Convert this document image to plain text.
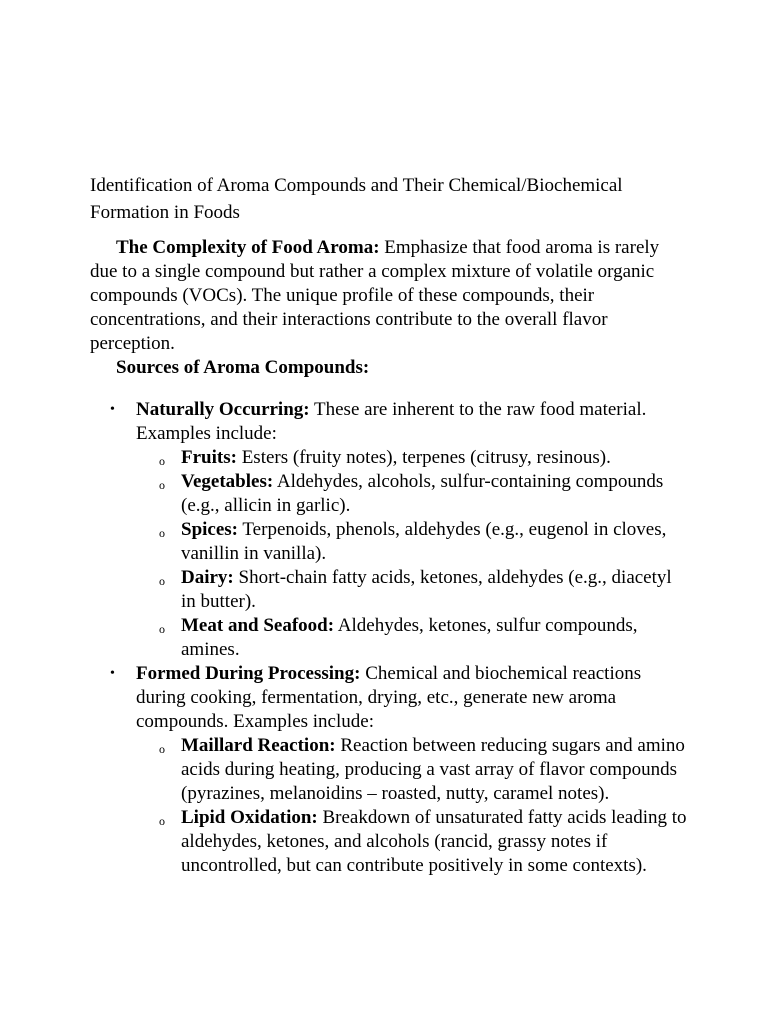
Identification of Aroma Compounds and Their Chemical/Biochemical Formation in Foods

The Complexity of Food Aroma: Emphasize that food aroma is rarely due to a single compound but rather a complex mixture of volatile organic compounds (VOCs). The unique profile of these compounds, their concentrations, and their interactions contribute to the overall flavor perception.

Sources of Aroma Compounds:

• Naturally Occurring: These are inherent to the raw food material. Examples include:
o Fruits: Esters (fruity notes), terpenes (citrusy, resinous).
o Vegetables: Aldehydes, alcohols, sulfur-containing compounds (e.g., allicin in garlic).
o Spices: Terpenoids, phenols, aldehydes (e.g., eugenol in cloves, vanillin in vanilla).
o Dairy: Short-chain fatty acids, ketones, aldehydes (e.g., diacetyl in butter).
o Meat and Seafood: Aldehydes, ketones, sulfur compounds, amines.
• Formed During Processing: Chemical and biochemical reactions during cooking, fermentation, drying, etc., generate new aroma compounds. Examples include:
o Maillard Reaction: Reaction between reducing sugars and amino acids during heating, producing a vast array of flavor compounds (pyrazines, melanoidins – roasted, nutty, caramel notes).
o Lipid Oxidation: Breakdown of unsaturated fatty acids leading to aldehydes, ketones, and alcohols (rancid, grassy notes if uncontrolled, but can contribute positively in some contexts).
